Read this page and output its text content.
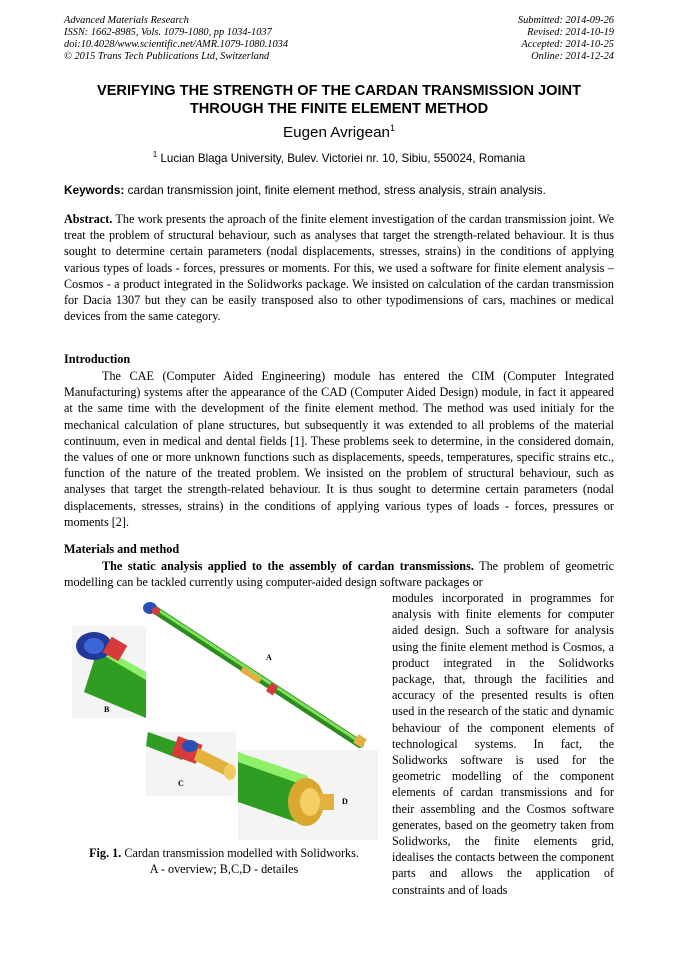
Advanced Materials Research
ISSN: 1662-8985, Vols. 1079-1080, pp 1034-1037
doi:10.4028/www.scientific.net/AMR.1079-1080.1034
© 2015 Trans Tech Publications Ltd, Switzerland
Submitted: 2014-09-26
Revised: 2014-10-19
Accepted: 2014-10-25
Online: 2014-12-24
VERIFYING THE STRENGTH OF THE CARDAN TRANSMISSION JOINT
THROUGH THE FINITE ELEMENT METHOD
Eugen Avrigean$^1$
$^1$ Lucian Blaga University, Bulev. Victoriei nr. 10, Sibiu, 550024, Romania
Keywords: cardan transmission joint, finite element method, stress analysis, strain analysis.

Abstract. The work presents the aproach of the finite element investigation of the cardan transmission joint. We treat the problem of structural behaviour, such as analyses that target the strength-related behaviour. It is thus sought to determine certain parameters (nodal displacements, stresses, strains) in the conditions of applying various types of loads - forces, pressures or moments. For this, we used a software for finite element analysis – Cosmos - a product integrated in the Solidworks package. We insisted on calculation of the cardan transmission for Dacia 1307 but they can be easily transposed also to other typodimensions of cars, machines or medical devices from the same category.

Introduction

The CAE (Computer Aided Engineering) module has entered the CIM (Computer Integrated Manufacturing) systems after the appearance of the CAD (Computer Aided Design) module, in fact it appeared at the same time with the development of the finite element method. The method was used initialy for the mechanical calculation of plane structures, but subsequently it was extended to all problems of the material continuum, even in medical and dental fields [1]. These problems seek to determine, in the considered domain, the values of one or more unknown functions such as displacements, speeds, temperatures, specific strains etc., function of the nature of the treated problem. We insisted on the problem of structural behaviour, such as analyses that target the strength-related behaviour. It is thus sought to determine certain parameters (nodal displacements, stresses, strains) in the conditions of applying various types of loads - forces, pressures or moments [2].

Materials and method

The static analysis applied to the assembly of cardan transmissions. The problem of geometric modelling can be tackled currently using computer-aided design software packages or

modules incorporated in programmes for analysis with finite elements for computer aided design. Such a software for analysis using the finite element method is Cosmos, a product integrated in the Solidworks package, that, through the facilities and accuracy of the presented results is often used in the research of the static and dynamic behaviour of the component elements of technological systems. In fact, the Solidworks software is used for the geometric modelling of the component elements of cardan transmissions and for their assembling and the Cosmos software generates, based on the geometry taken from Solidworks, the finite elements grid, idealises the contacts between the component parts and allows the application of constraints and of loads

A
B
C
D
Fig. 1. Cardan transmission modelled with Solidworks.
A - overview; B,C,D - detailes
